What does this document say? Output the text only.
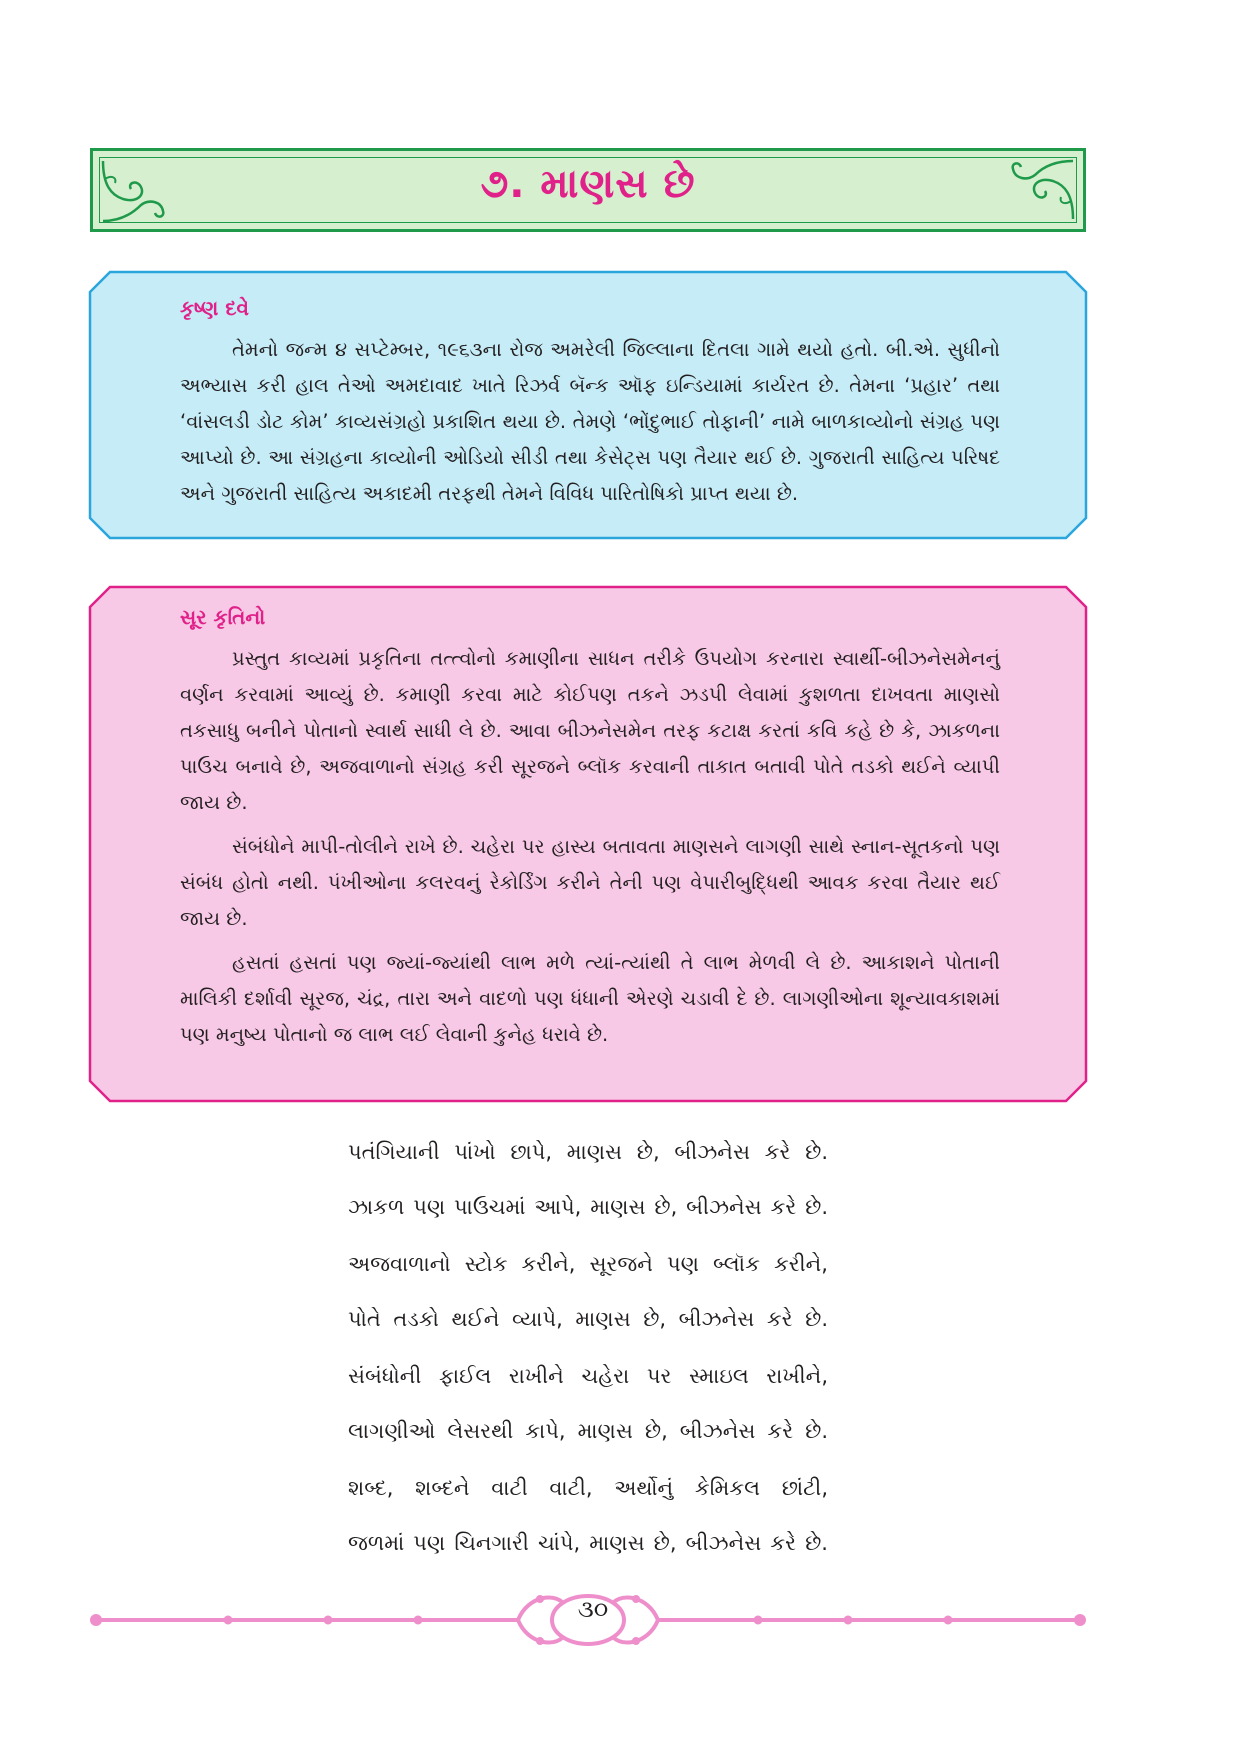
૭. માણસ છે
કૃષ્ણ દવે

તેમનો જન્મ ૪ સપ્ટેમ્બર, ૧૯૬૩ના રોજ અમરેલી જિલ્લાના દિતલા ગામે થયો હતો. બી.એ. સુધીનો અભ્યાસ કરી હાલ તેઓ અમદાવાદ ખાતે રિઝર્વ બૅન્ક ઑફ ઇન્ડિયામાં કાર્યરત છે. તેમના ‘પ્રહાર’ તથા ‘વાંસલડી ડોટ કોમ’ કાવ્યસંગ્રહો પ્રકાશિત થયા છે. તેમણે ‘ભોંદુભાઈ તોફાની’ નામે બાળકાવ્યોનો સંગ્રહ પણ આપ્યો છે. આ સંગ્રહના કાવ્યોની ઓડિયો સીડી તથા કેસેટ્સ પણ તૈયાર થઈ છે. ગુજરાતી સાહિત્ય પરિષદ અને ગુજરાતી સાહિત્ય અકાદમી તરફથી તેમને વિવિધ પારિતોષિકો પ્રાપ્ત થયા છે.

સૂર કૃતિનો

પ્રસ્તુત કાવ્યમાં પ્રકૃતિના તત્ત્વોનો કમાણીના સાધન તરીકે ઉપયોગ કરનારા સ્વાર્થી-બીઝનેસમેનનું વર્ણન કરવામાં આવ્યું છે. કમાણી કરવા માટે કોઈપણ તકને ઝડપી લેવામાં કુશળતા દાખવતા માણસો તકસાધુ બનીને પોતાનો સ્વાર્થ સાધી લે છે. આવા બીઝનેસમેન તરફ કટાક્ષ કરતાં કવિ કહે છે કે, ઝાકળના પાઉચ બનાવે છે, અજવાળાનો સંગ્રહ કરી સૂરજને બ્લૉક કરવાની તાકાત બતાવી પોતે તડકો થઈને વ્યાપી જાય છે.

સંબંધોને માપી-તોલીને રાખે છે. ચહેરા પર હાસ્ય બતાવતા માણસને લાગણી સાથે સ્નાન-સૂતકનો પણ સંબંધ હોતો નથી. પંખીઓના કલરવનું રેકોર્ડિંગ કરીને તેની પણ વેપારીબુદ્ધિથી આવક કરવા તૈયાર થઈ જાય છે.

હસતાં હસતાં પણ જ્યાં-જ્યાંથી લાભ મળે ત્યાં-ત્યાંથી તે લાભ મેળવી લે છે. આકાશને પોતાની માલિકી દર્શાવી સૂરજ, ચંદ્ર, તારા અને વાદળો પણ ધંધાની એરણે ચડાવી દે છે. લાગણીઓના શૂન્યાવકાશમાં પણ મનુષ્ય પોતાનો જ લાભ લઈ લેવાની કુનેહ ધરાવે છે.

પતંગિયાની પાંખો છાપે, માણસ છે, બીઝનેસ કરે છે.
ઝાકળ પણ પાઉચમાં આપે, માણસ છે, બીઝનેસ કરે છે.
અજવાળાનો સ્ટોક કરીને, સૂરજને પણ બ્લૉક કરીને,
પોતે તડકો થઈને વ્યાપે, માણસ છે, બીઝનેસ કરે છે.
સંબંધોની ફાઈલ રાખીને ચહેરા પર સ્માઇલ રાખીને,
લાગણીઓ લેસરથી કાપે, માણસ છે, બીઝનેસ કરે છે.
શબ્દ, શબ્દને વાટી વાટી, અર્થોનું કેમિકલ છાંટી,
જળમાં પણ ચિનગારી ચાંપે, માણસ છે, બીઝનેસ કરે છે.
૩૦
